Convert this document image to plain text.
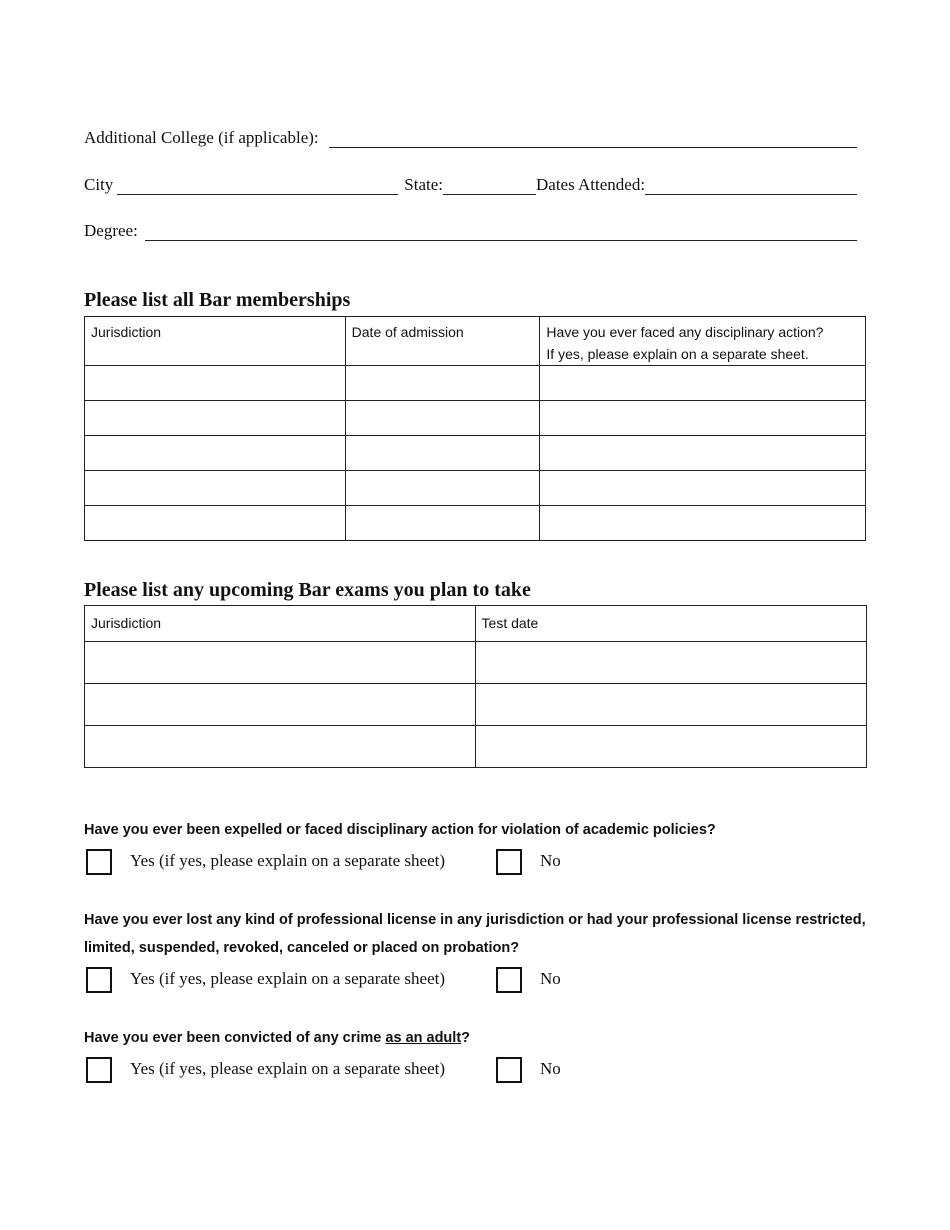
Additional College (if applicable):
City	State:	Dates Attended:
Degree:
Please list all Bar memberships
Jurisdiction	Date of admission	Have you ever faced any disciplinary action?
If yes, please explain on a separate sheet.

Please list any upcoming Bar exams you plan to take
Jurisdiction	Test date

Have you ever been expelled or faced disciplinary action for violation of academic policies?
Yes (if yes, please explain on a separate sheet)	No
Have you ever lost any kind of professional license in any jurisdiction or had your professional license restricted, limited, suspended, revoked, canceled or placed on probation?
Yes (if yes, please explain on a separate sheet)	No
Have you ever been convicted of any crime as an adult?
Yes (if yes, please explain on a separate sheet)	No
